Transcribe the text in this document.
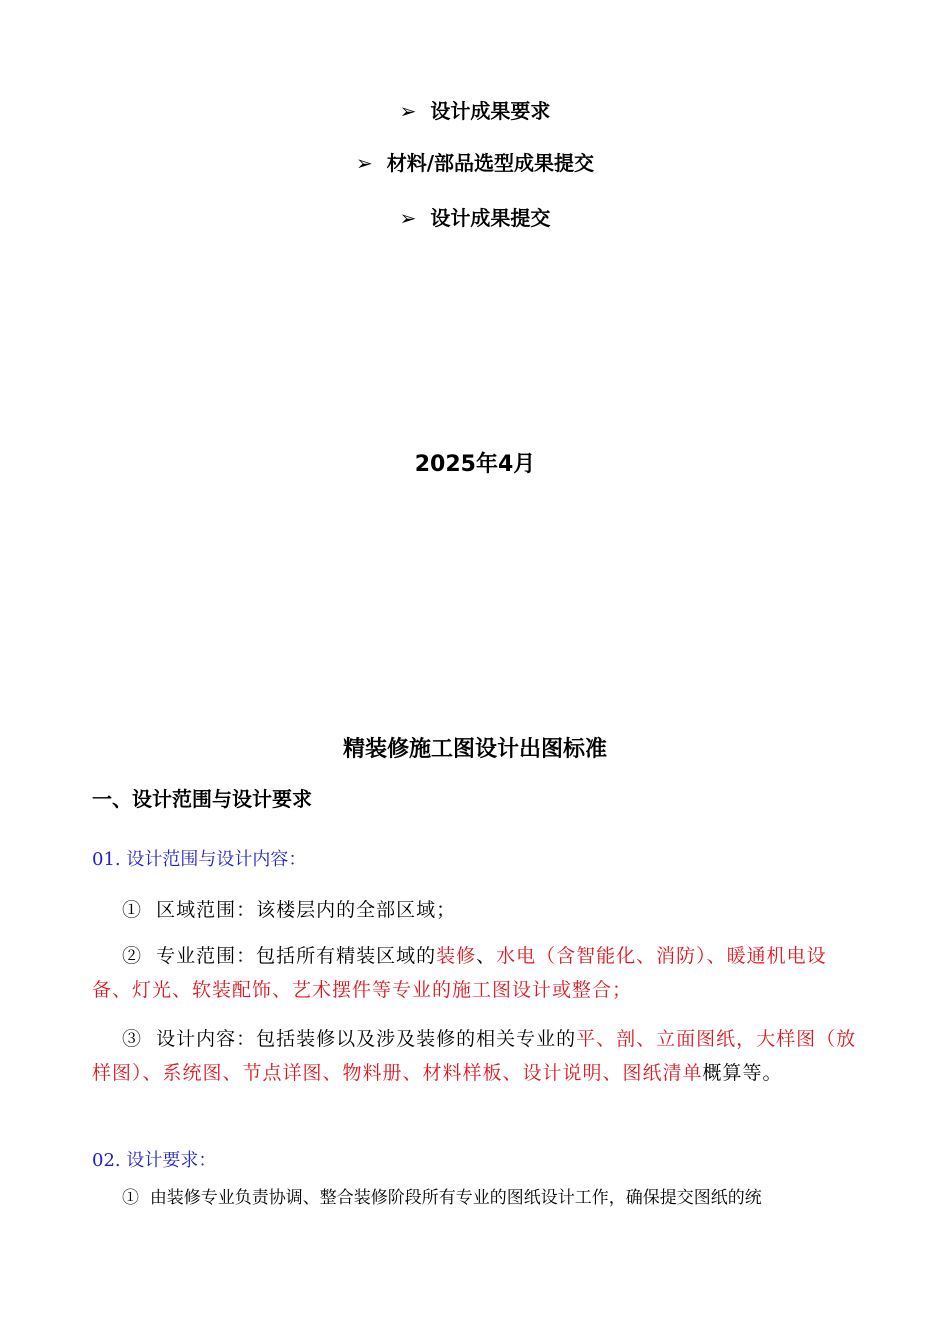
➢ 设计成果要求
➢ 材料/部品选型成果提交
➢ 设计成果提交
2025年4月
精装修施工图设计出图标准
一、设计范围与设计要求
01. 设计范围与设计内容：
① 区域范围：该楼层内的全部区域；
② 专业范围：包括所有精装区域的装修、水电（含智能化、消防）、暖通机电设备、灯光、软装配饰、艺术摆件等专业的施工图设计或整合；
③ 设计内容：包括装修以及涉及装修的相关专业的平、剖、立面图纸，大样图（放样图）、系统图、节点详图、物料册、材料样板、设计说明、图纸清单概算等。
02. 设计要求：
① 由装修专业负责协调、整合装修阶段所有专业的图纸设计工作，确保提交图纸的统
